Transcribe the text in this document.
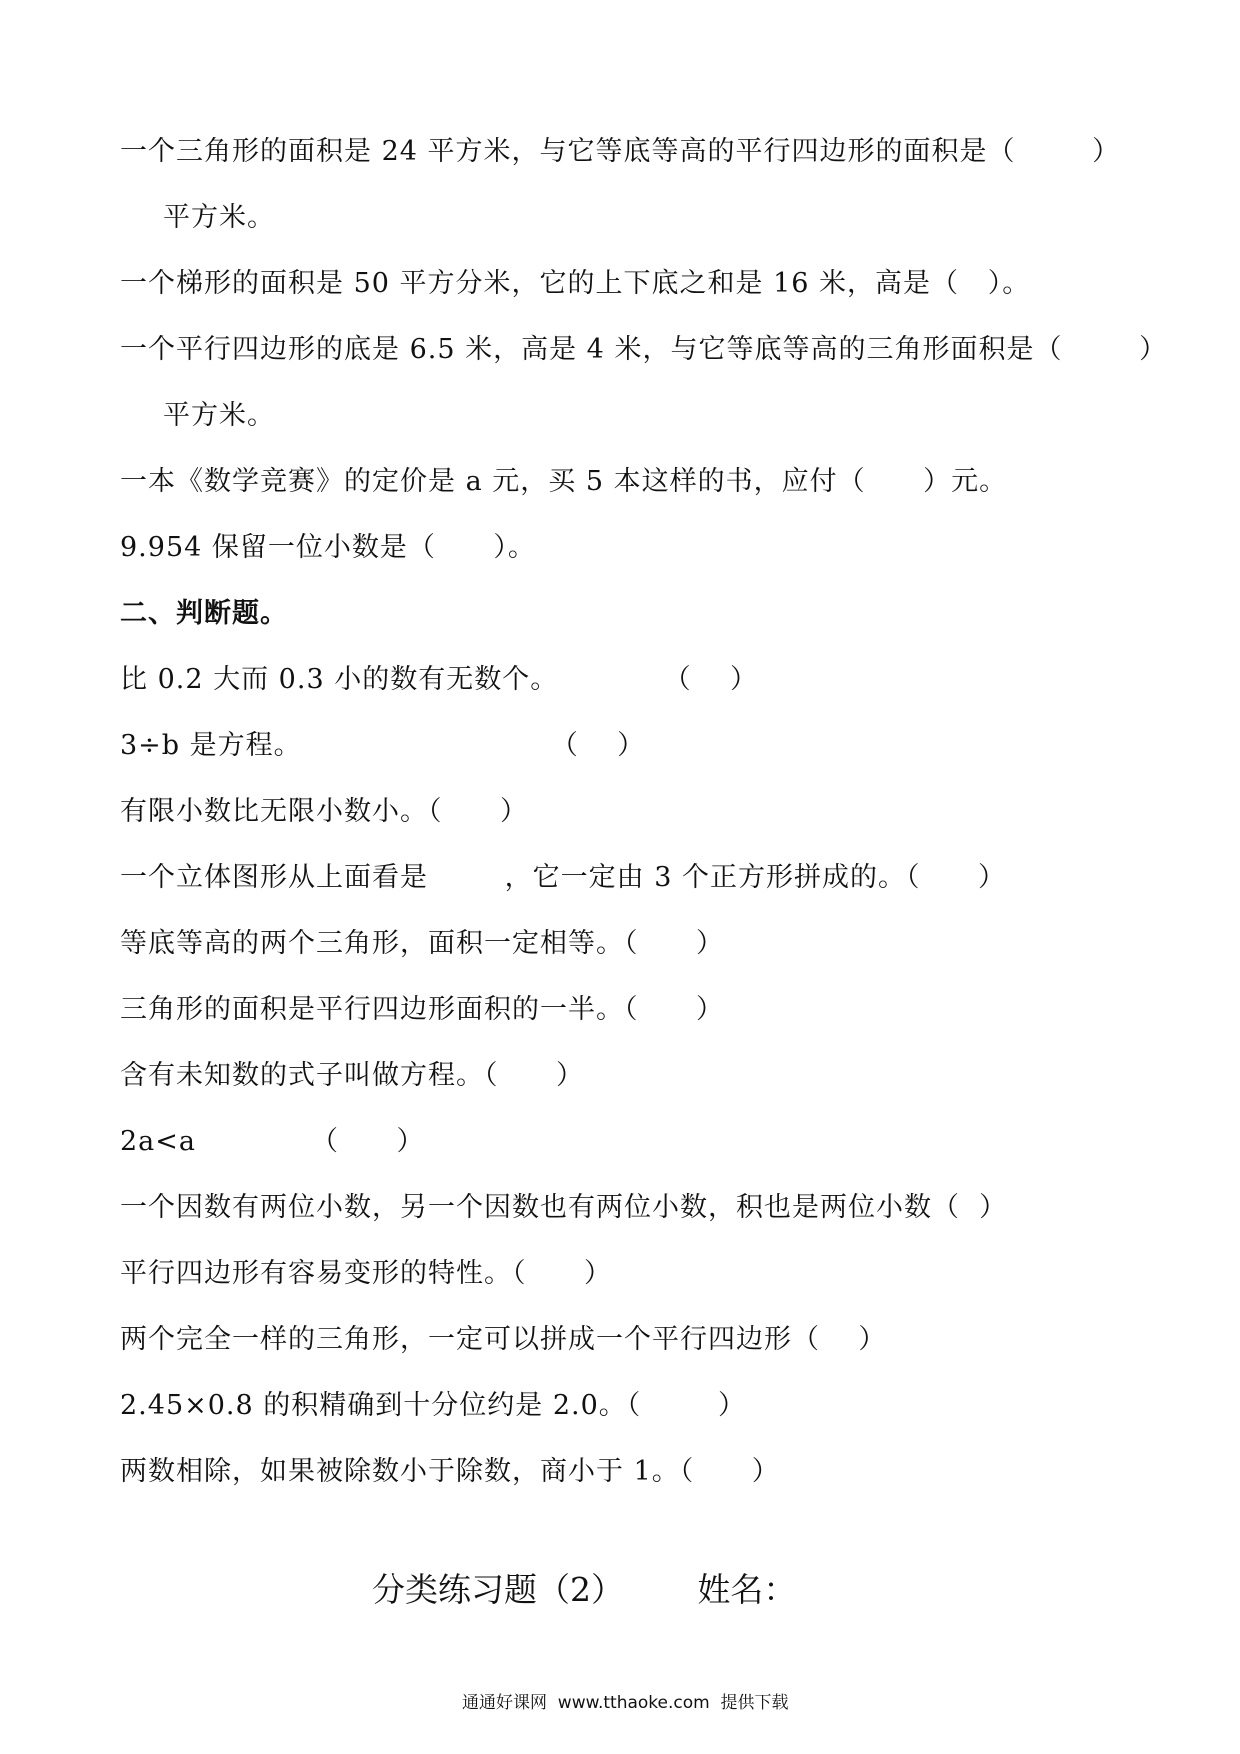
一个三角形的面积是 24 平方米，与它等底等高的平行四边形的面积是（        ）
平方米。
一个梯形的面积是 50 平方分米，它的上下底之和是 16 米，高是（   ）。
一个平行四边形的底是 6.5 米，高是 4 米，与它等底等高的三角形面积是（        ）
平方米。
一本《数学竞赛》的定价是 a 元，买 5 本这样的书，应付（      ）元。
9.954 保留一位小数是（      ）。
二、判断题。
比 0.2 大而 0.3 小的数有无数个。           （    ）
3÷b 是方程。                          （    ）
有限小数比无限小数小。（      ）
一个立体图形从上面看是        ，它一定由 3 个正方形拼成的。（      ）
等底等高的两个三角形，面积一定相等。（      ）
三角形的面积是平行四边形面积的一半。（      ）
含有未知数的式子叫做方程。（      ）
2a<a            （      ）
一个因数有两位小数，另一个因数也有两位小数，积也是两位小数（  ）
平行四边形有容易变形的特性。（      ）
两个完全一样的三角形，一定可以拼成一个平行四边形（    ）
2.45×0.8 的积精确到十分位约是 2.0。（        ）
两数相除，如果被除数小于除数，商小于 1。（      ）
分类练习题（2）       姓名：
通通好课网  www.tthaoke.com  提供下载
